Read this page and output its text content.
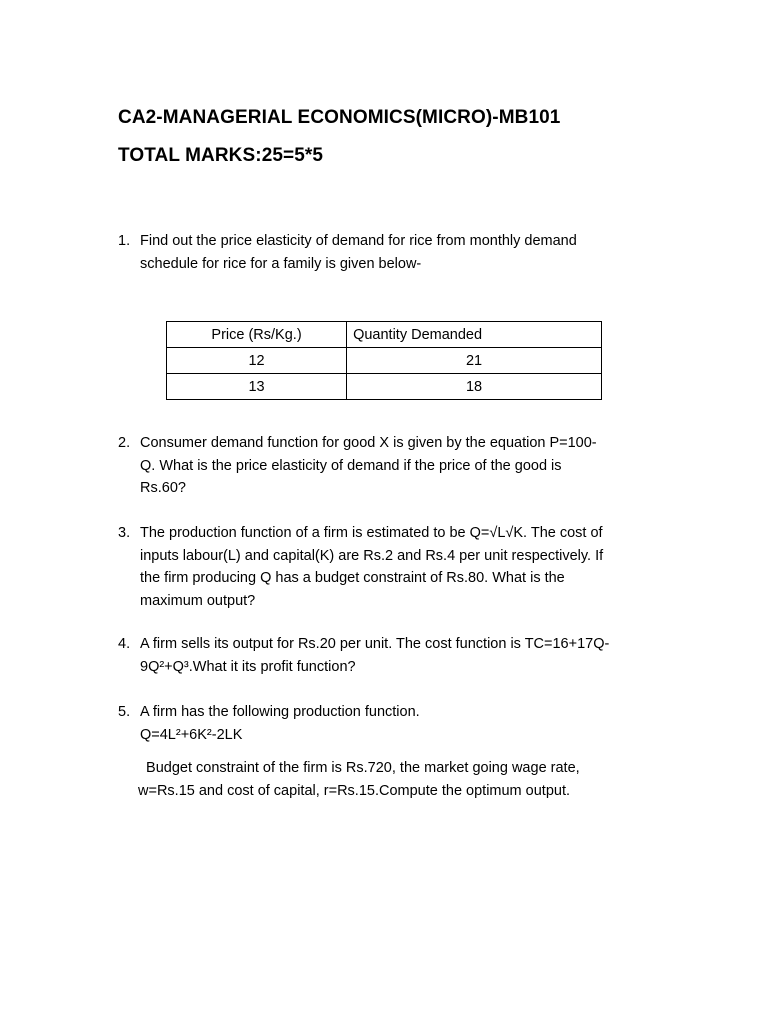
CA2-MANAGERIAL ECONOMICS(MICRO)-MB101
TOTAL MARKS:25=5*5
1. Find out the price elasticity of demand for rice from monthly demand
schedule for rice for a family is given below-
Price (Rs/Kg.)	Quantity Demanded
12	21
13	18
2. Consumer demand function for good X is given by the equation P=100-
Q. What is the price elasticity of demand if the price of the good is
Rs.60?
3. The production function of a firm is estimated to be Q=√L√K. The cost of
inputs labour(L) and capital(K) are Rs.2 and Rs.4 per unit respectively. If
the firm producing Q has a budget constraint of Rs.80. What is the
maximum output?
4. A firm sells its output for Rs.20 per unit. The cost function is TC=16+17Q-
9Q²+Q³.What it its profit function?
5. A firm has the following production function.
Q=4L²+6K²-2LK
Budget constraint of the firm is Rs.720, the market going wage rate,
w=Rs.15 and cost of capital, r=Rs.15.Compute the optimum output.
